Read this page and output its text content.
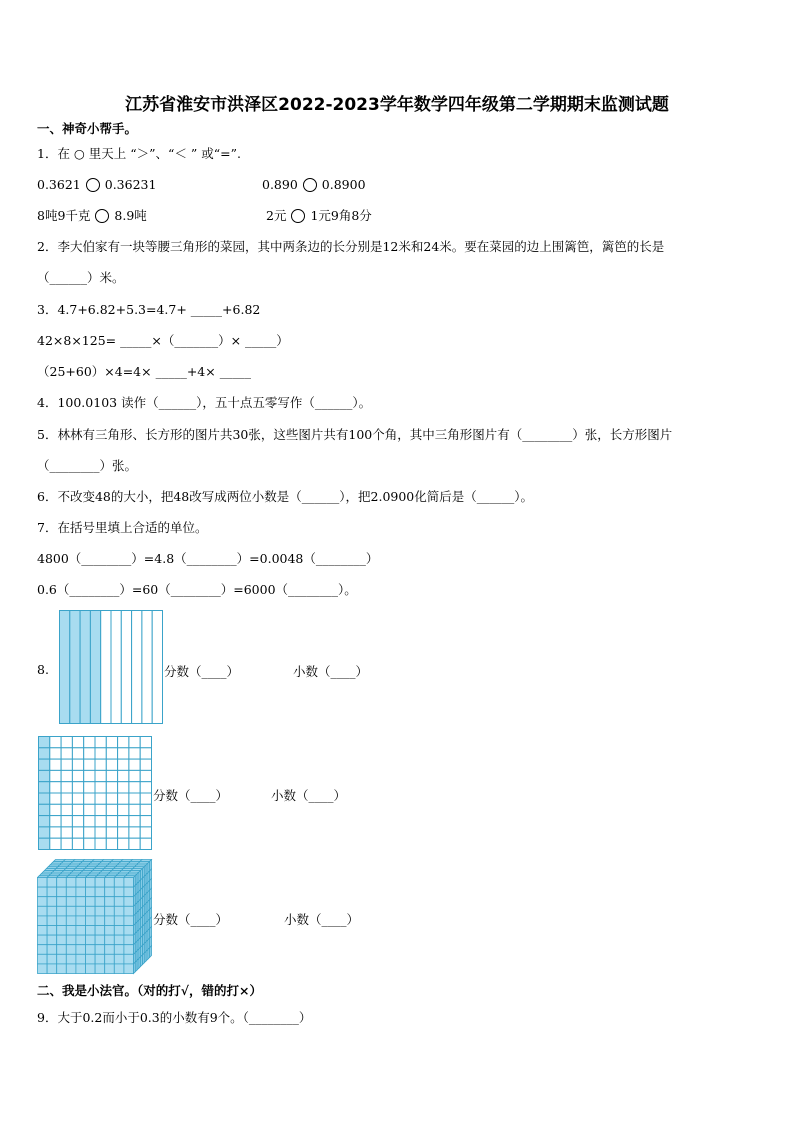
江苏省淮安市洪泽区2022-2023学年数学四年级第二学期期末监测试题
一、神奇小帮手。
1．在 ○ 里天上 “＞”、“＜ ” 或“=”.
0.3621 0.36231	0.890 0.8900
8吨9千克 8.9吨	2元 1元9角8分
2．李大伯家有一块等腰三角形的菜园，其中两条边的长分别是12米和24米。要在菜园的边上围篱笆，篱笆的长是
（______）米。
3．4.7+6.82+5.3=4.7+ _____+6.82
42×8×125= _____×（_______）× _____）
（25+60）×4=4× _____+4× _____
4．100.0103 读作（______），五十点五零写作（______）。
5．林林有三角形、长方形的图片共30张，这些图片共有100个角，其中三角形图片有（________）张，长方形图片
（________）张。
6．不改变48的大小，把48改写成两位小数是（______），把2.0900化简后是（______）。
7．在括号里填上合适的单位。
4800（________）=4.8（________）=0.0048（________）
0.6（________）=60（________）=6000（________）。
8.	分数（____）	小数（____）
分数（____）	小数（____）
分数（____）	小数（____）
二、我是小法官。（对的打√，错的打×）
9．大于0.2而小于0.3的小数有9个。（________）
